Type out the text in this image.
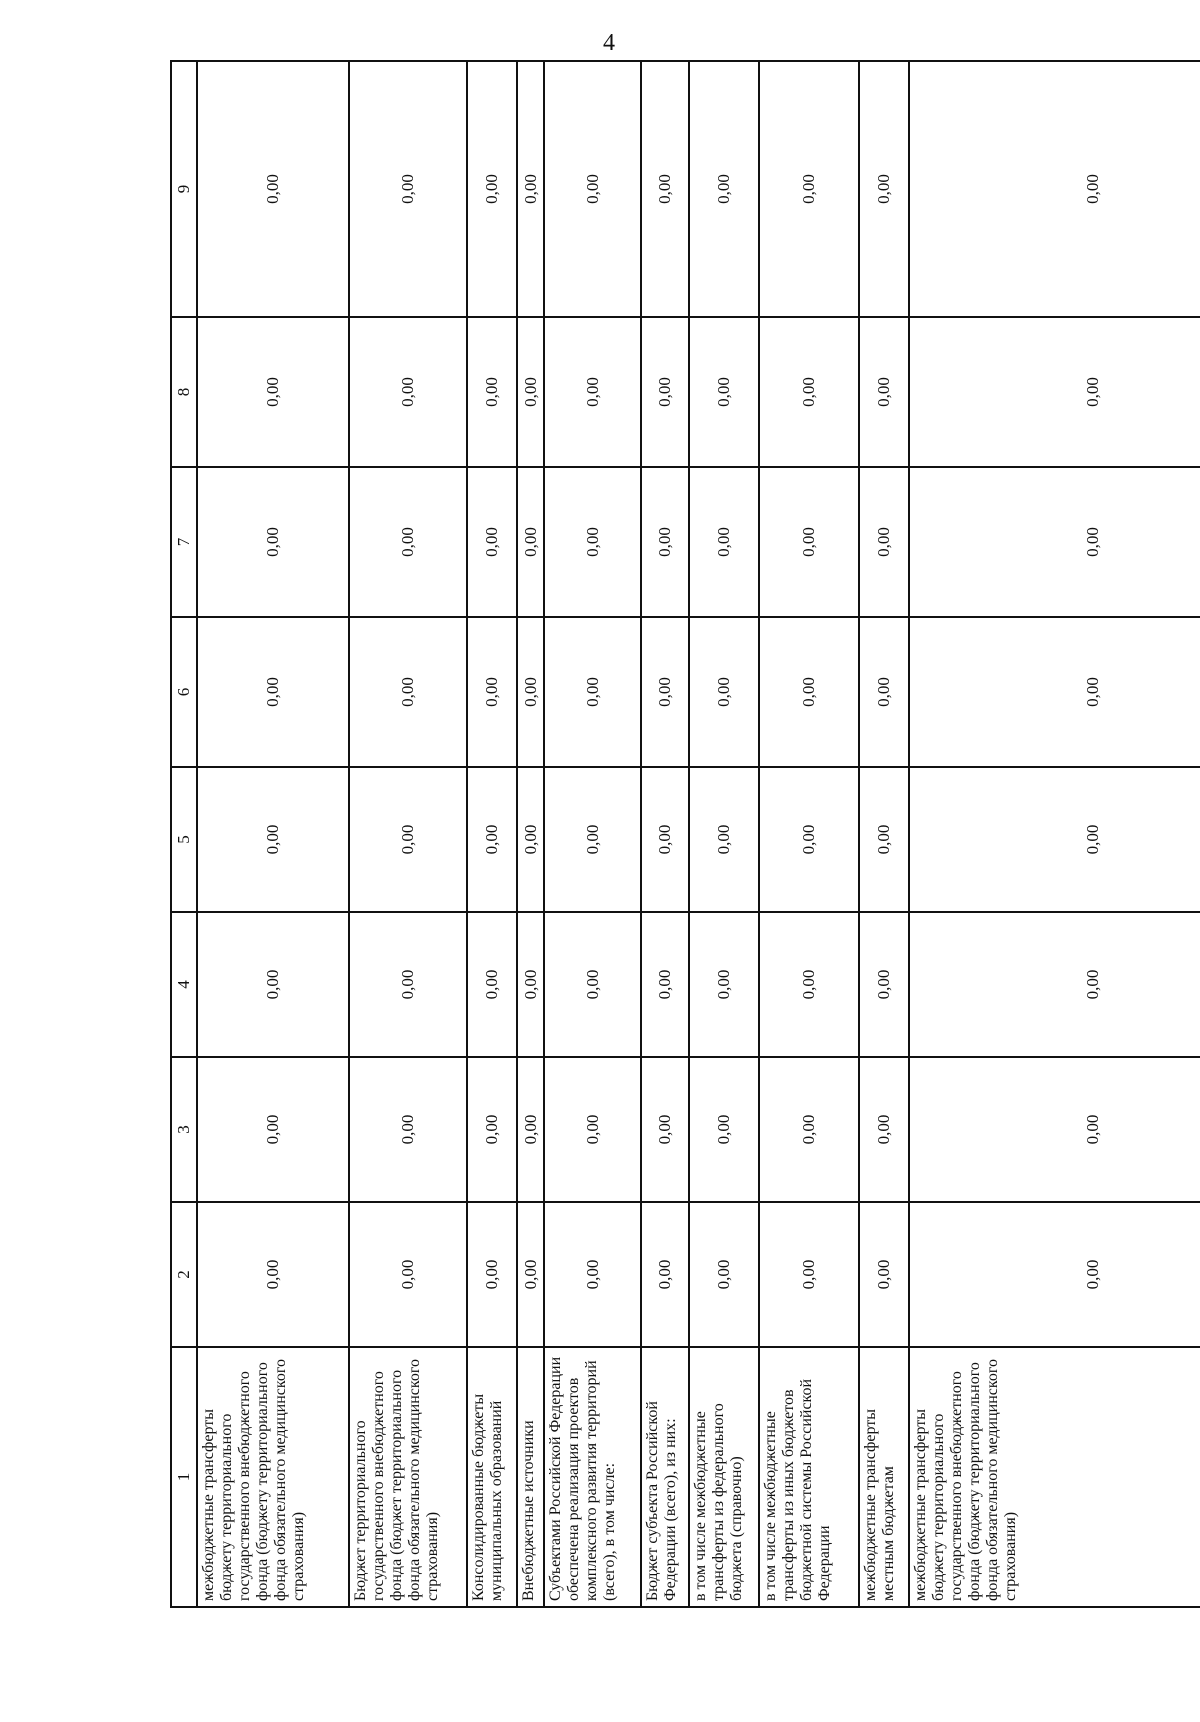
4
1	2	3	4	5	6	7	8	9
межбюджетные трансферты бюджету территориального государственного внебюджетного фонда (бюджету территориального фонда обязательного медицинского страхования)	0,00	0,00	0,00	0,00	0,00	0,00	0,00	0,00
Бюджет территориального государственного внебюджетного фонда (бюджет территориального фонда обязательного медицинского страхования)	0,00	0,00	0,00	0,00	0,00	0,00	0,00	0,00
Консолидированные бюджеты муниципальных образований	0,00	0,00	0,00	0,00	0,00	0,00	0,00	0,00
Внебюджетные источники	0,00	0,00	0,00	0,00	0,00	0,00	0,00	0,00
Субъектами Российской Федерации обеспечена реализация проектов комплексного развития территорий (всего), в том числе:	0,00	0,00	0,00	0,00	0,00	0,00	0,00	0,00
Бюджет субъекта Российской Федерации (всего), из них:	0,00	0,00	0,00	0,00	0,00	0,00	0,00	0,00
в том числе межбюджетные трансферты из федерального бюджета (справочно)	0,00	0,00	0,00	0,00	0,00	0,00	0,00	0,00
в том числе межбюджетные трансферты из иных бюджетов бюджетной системы Российской Федерации	0,00	0,00	0,00	0,00	0,00	0,00	0,00	0,00
межбюджетные трансферты местным бюджетам	0,00	0,00	0,00	0,00	0,00	0,00	0,00	0,00
межбюджетные трансферты бюджету территориального государственного внебюджетного фонда (бюджету территориального фонда обязательного медицинского страхования)	0,00	0,00	0,00	0,00	0,00	0,00	0,00	0,00
